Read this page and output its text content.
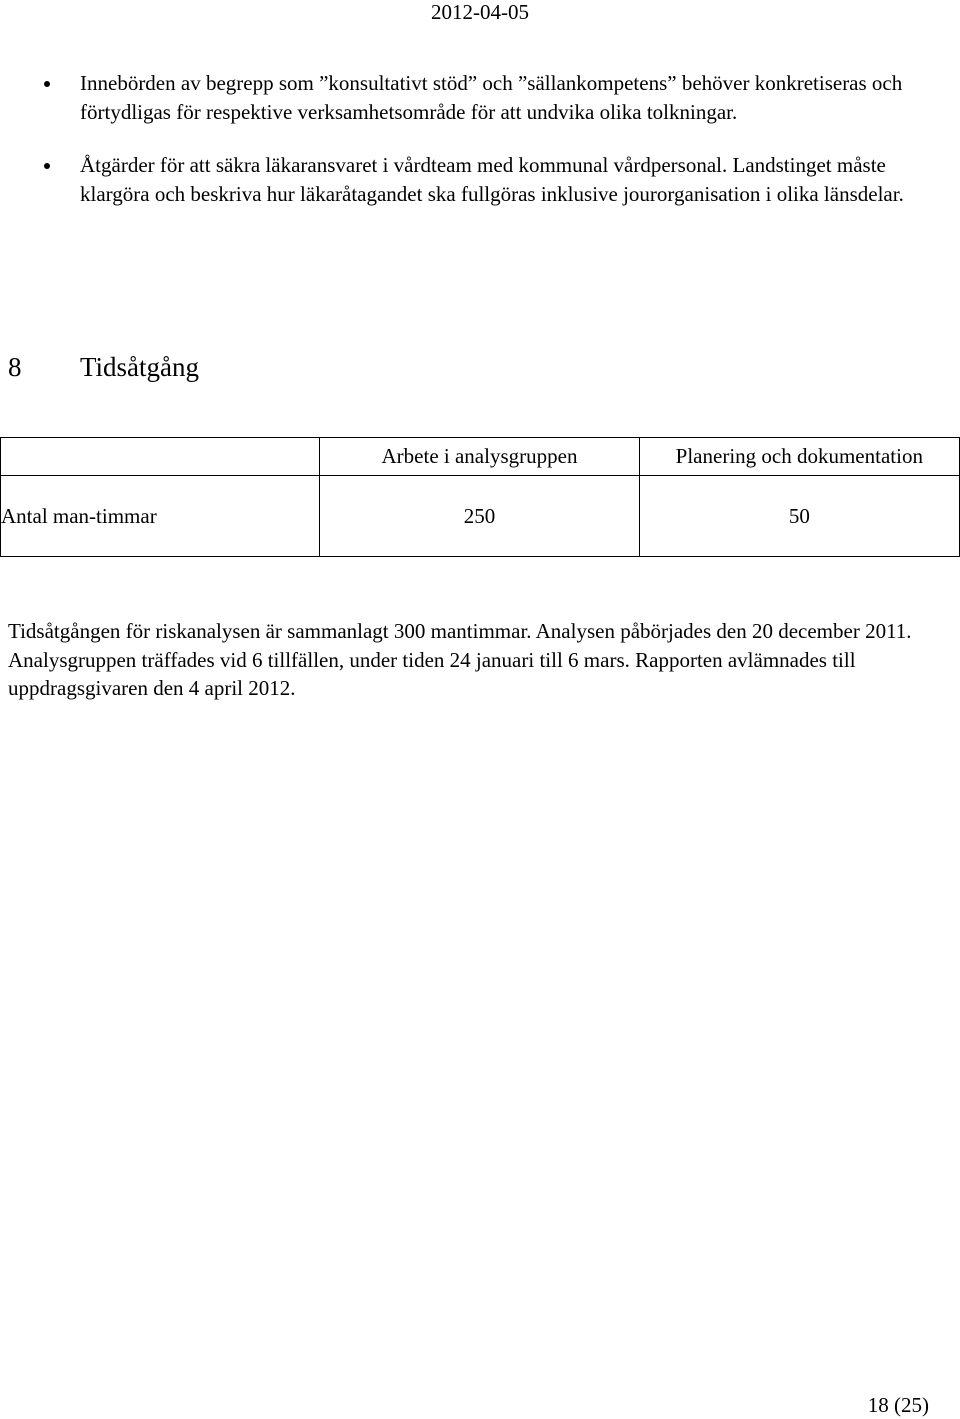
2012-04-05
Innebörden av begrepp som ”konsultativt stöd” och ”sällankompetens” behöver konkretiseras och förtydligas för respektive verksamhetsområde för att undvika olika tolkningar.
Åtgärder för att säkra läkaransvaret i vårdteam med kommunal vårdpersonal. Landstinget måste klargöra och beskriva hur läkaråtagandet ska fullgöras inklusive jourorganisation i olika länsdelar.
8 Tidsåtgång
	Arbete i analysgruppen	Planering och dokumentation
Antal man-timmar	250	50

Tidsåtgången för riskanalysen är sammanlagt 300 mantimmar. Analysen påbörjades den 20 december 2011. Analysgruppen träffades vid 6 tillfällen, under tiden 24 januari till 6 mars. Rapporten avlämnades till uppdragsgivaren den 4 april 2012.

18 (25)
